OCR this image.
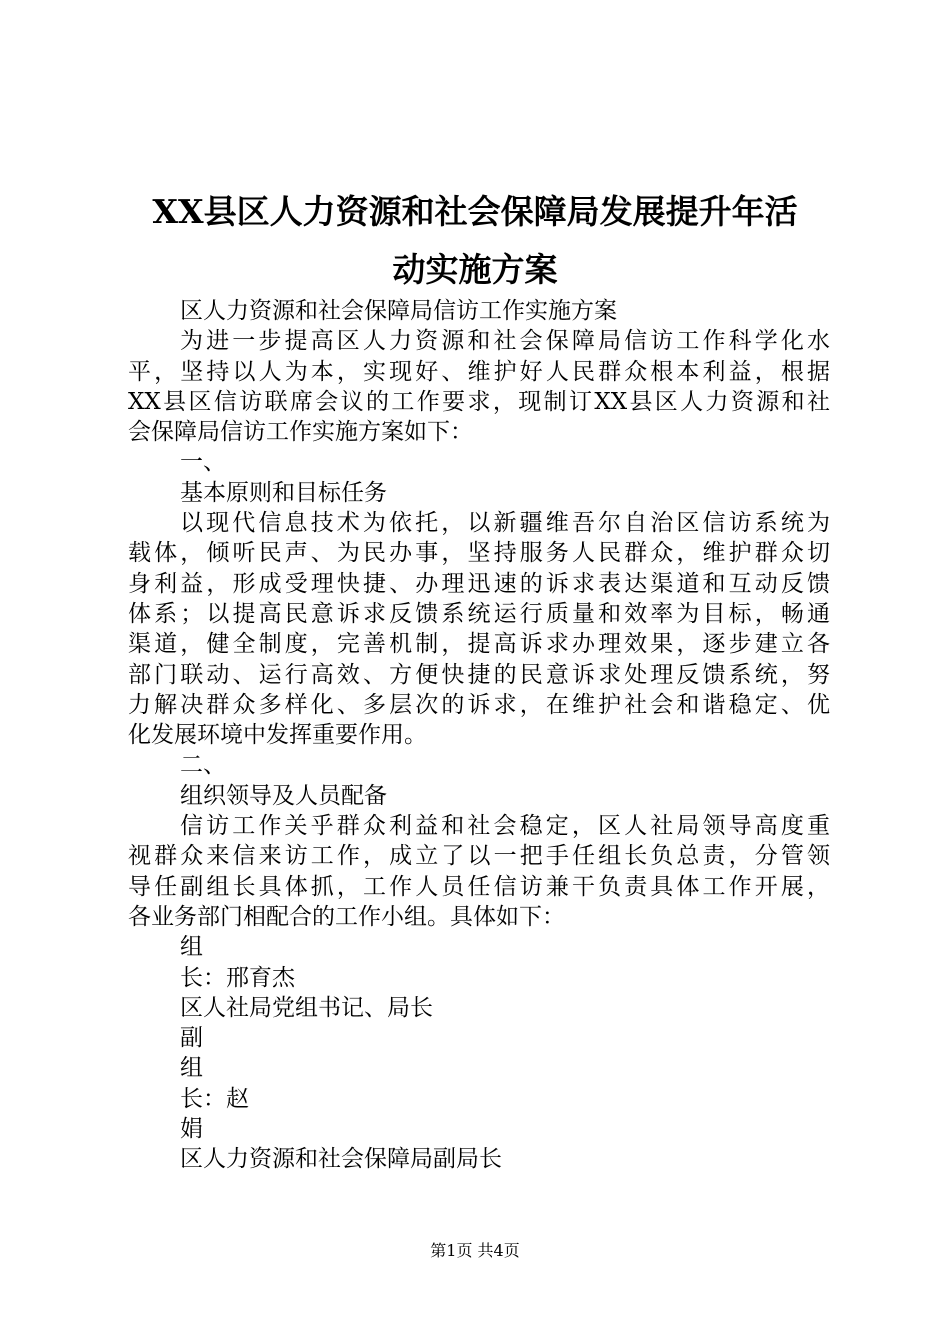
XX县区人力资源和社会保障局发展提升年活
动实施方案
区人力资源和社会保障局信访工作实施方案
为进一步提高区人力资源和社会保障局信访工作科学化水
平，坚持以人为本，实现好、维护好人民群众根本利益，根据
XX县区信访联席会议的工作要求，现制订XX县区人力资源和社
会保障局信访工作实施方案如下：
一、
基本原则和目标任务
以现代信息技术为依托，以新疆维吾尔自治区信访系统为
载体，倾听民声、为民办事，坚持服务人民群众，维护群众切
身利益，形成受理快捷、办理迅速的诉求表达渠道和互动反馈
体系；以提高民意诉求反馈系统运行质量和效率为目标，畅通
渠道，健全制度，完善机制，提高诉求办理效果，逐步建立各
部门联动、运行高效、方便快捷的民意诉求处理反馈系统，努
力解决群众多样化、多层次的诉求，在维护社会和谐稳定、优
化发展环境中发挥重要作用。
二、
组织领导及人员配备
信访工作关乎群众利益和社会稳定，区人社局领导高度重
视群众来信来访工作，成立了以一把手任组长负总责，分管领
导任副组长具体抓，工作人员任信访兼干负责具体工作开展，
各业务部门相配合的工作小组。具体如下：
组
长：邢育杰
区人社局党组书记、局长
副
组
长：赵
娟
区人力资源和社会保障局副局长
第1页 共4页
